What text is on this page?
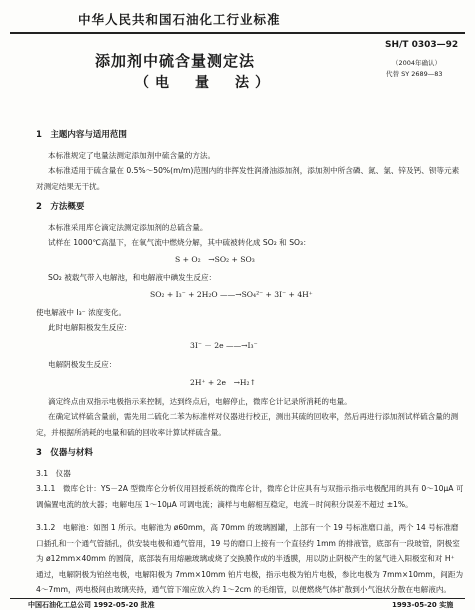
中华人民共和国石油化工行业标准
添加剂中硫含量测定法
（电　量　法）
SH/T 0303—92
（2004年确认）
代替 SY 2689—83
1　主题内容与适用范围
本标准规定了电量法测定添加剂中硫含量的方法。
本标准适用于硫含量在 0.5%～50%(m/m)范围内的非挥发性润滑油添加剂，添加剂中所含磷、氮、氯、锌及钙、钡等元素对测定结果无干扰。
2　方法概要
本标准采用库仑滴定法测定添加剂的总硫含量。
试样在 1000℃高温下，在氧气流中燃烧分解，其中硫被转化成 SO₂ 和 SO₃：
S + O₂　→SO₂ + SO₃
SO₂ 被载气带入电解池，和电解液中碘发生反应：
SO₂ + I₃⁻ + 2H₂O ——→SO₄²⁻ + 3I⁻ + 4H⁺
使电解液中 I₃⁻ 浓度变化。
此时电解阳极发生反应：
3I⁻ － 2e ——→I₃⁻
电解阴极发生反应：
2H⁺ + 2e　→H₂↑
滴定终点由双指示电极指示来控制，达到终点后，电解停止，微库仑计记录所消耗的电量。
在确定试样硫含量前，需先用二硫化二苯为标准样对仪器进行校正，测出其硫的回收率，然后再进行添加剂试样硫含量的测定，并根据所消耗的电量和硫的回收率计算试样硫含量。
3　仪器与材料
3.1　仪器
3.1.1　微库仑计：YS－2A 型微库仑分析仪用回授系统的微库仑计，微库仑计应具有与双指示指示电极配用的具有 0～10μA 可调偏置电流的放大器；电解电压 1～10μA 可调电流；滴样与电解相互稳定，电流－时间积分误差不超过 ±1%。
3.1.2　电解池：如图 1 所示。电解池为 ø60mm，高 70mm 的玻璃圆罐，上部有一个 19 号标准磨口盖，两个 14 号标准磨口插孔和一个通气管插孔，供安装电极和通气管用，19 号的磨口上接有一个直径约 1mm 的排液管，底部有一段玻管，阴极室为 ø12mm×40mm 的圆筒，底部装有用熔融玻璃或烧了交换膜作成的半透膜，用以防止阴极产生的氢气进入阳极室和对 H⁺ 通过，电解阴极为铂丝电极，电解阳极为 7mm×10mm 铂片电极，指示电极为铂片电极，参比电极为 7mm×10mm，间距为 4～7mm，两电极间由玻璃夹持，通气管下端应放入约 1～2cm 的毛细管，以便燃烧气体扩散到小气泡状分散在电解液内。
中国石油化工总公司 1992-05-20 批准	1993-05-20 实施
